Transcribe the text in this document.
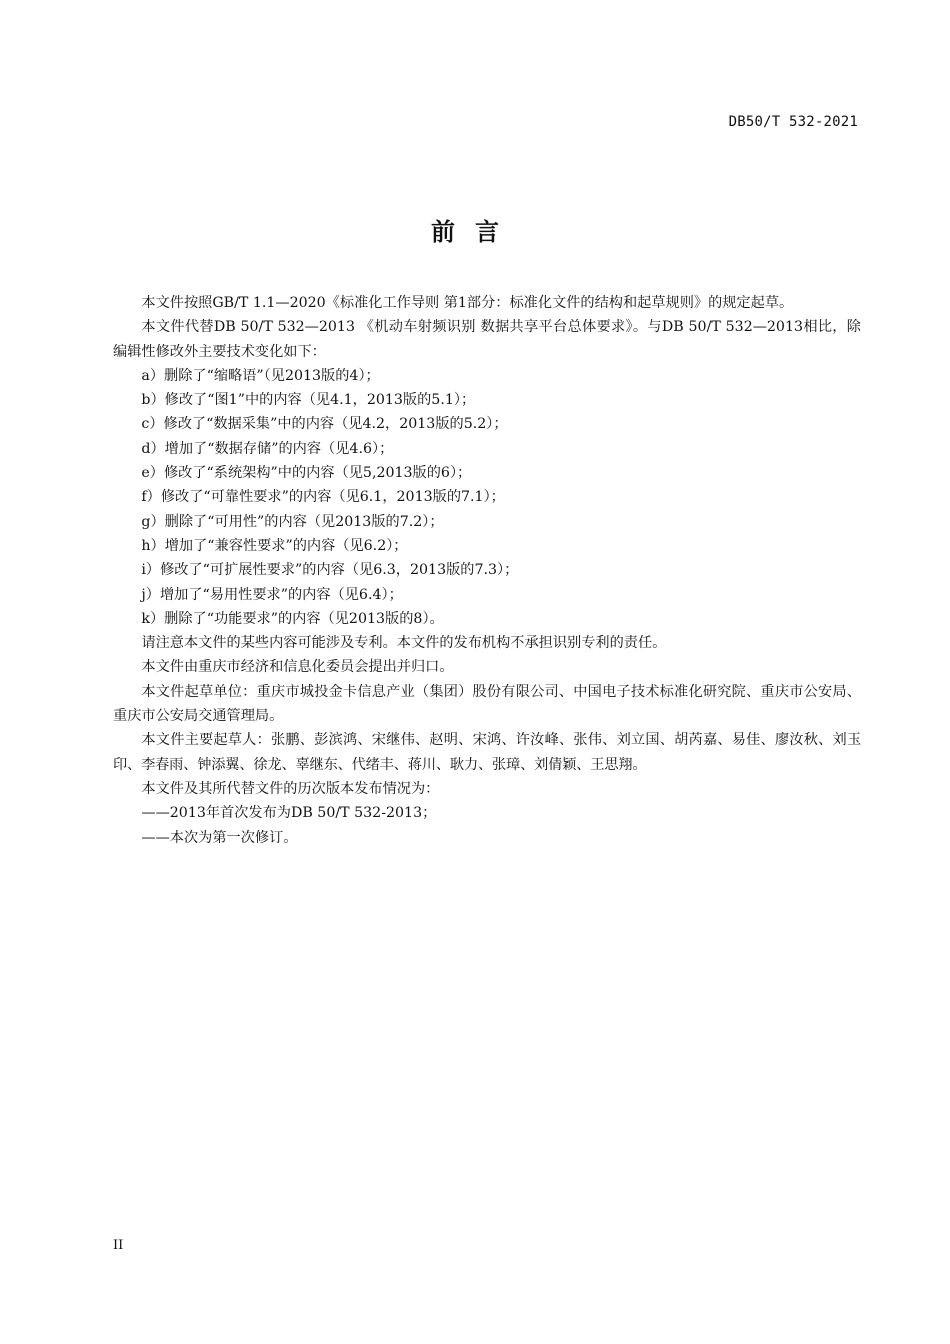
DB50/T 532-2021
前言

本文件按照GB/T 1.1—2020《标准化工作导则 第1部分：标准化文件的结构和起草规则》的规定起草。

本文件代替DB 50/T 532—2013 《机动车射频识别 数据共享平台总体要求》。与DB 50/T 532—2013相比，除编辑性修改外主要技术变化如下：

a）删除了“缩略语”（见2013版的4）；

b）修改了“图1”中的内容（见4.1，2013版的5.1）；

c）修改了“数据采集”中的内容（见4.2，2013版的5.2）；

d）增加了“数据存储”的内容（见4.6）；

e）修改了“系统架构”中的内容（见5,2013版的6）；

f）修改了“可靠性要求”的内容（见6.1，2013版的7.1）；

g）删除了“可用性”的内容（见2013版的7.2）；

h）增加了“兼容性要求”的内容（见6.2）；

i）修改了“可扩展性要求”的内容（见6.3，2013版的7.3）；

j）增加了“易用性要求”的内容（见6.4）；

k）删除了“功能要求”的内容（见2013版的8）。

请注意本文件的某些内容可能涉及专利。本文件的发布机构不承担识别专利的责任。

本文件由重庆市经济和信息化委员会提出并归口。

本文件起草单位：重庆市城投金卡信息产业（集团）股份有限公司、中国电子技术标准化研究院、重庆市公安局、重庆市公安局交通管理局。

本文件主要起草人：张鹏、彭滨鸿、宋继伟、赵明、宋鸿、许汝峰、张伟、刘立国、胡芮嘉、易佳、廖汝秋、刘玉印、李春雨、钟添翼、徐龙、辜继东、代绪丰、蒋川、耿力、张璋、刘倩颖、王思翔。

本文件及其所代替文件的历次版本发布情况为：

——2013年首次发布为DB 50/T 532-2013；

——本次为第一次修订。

II
